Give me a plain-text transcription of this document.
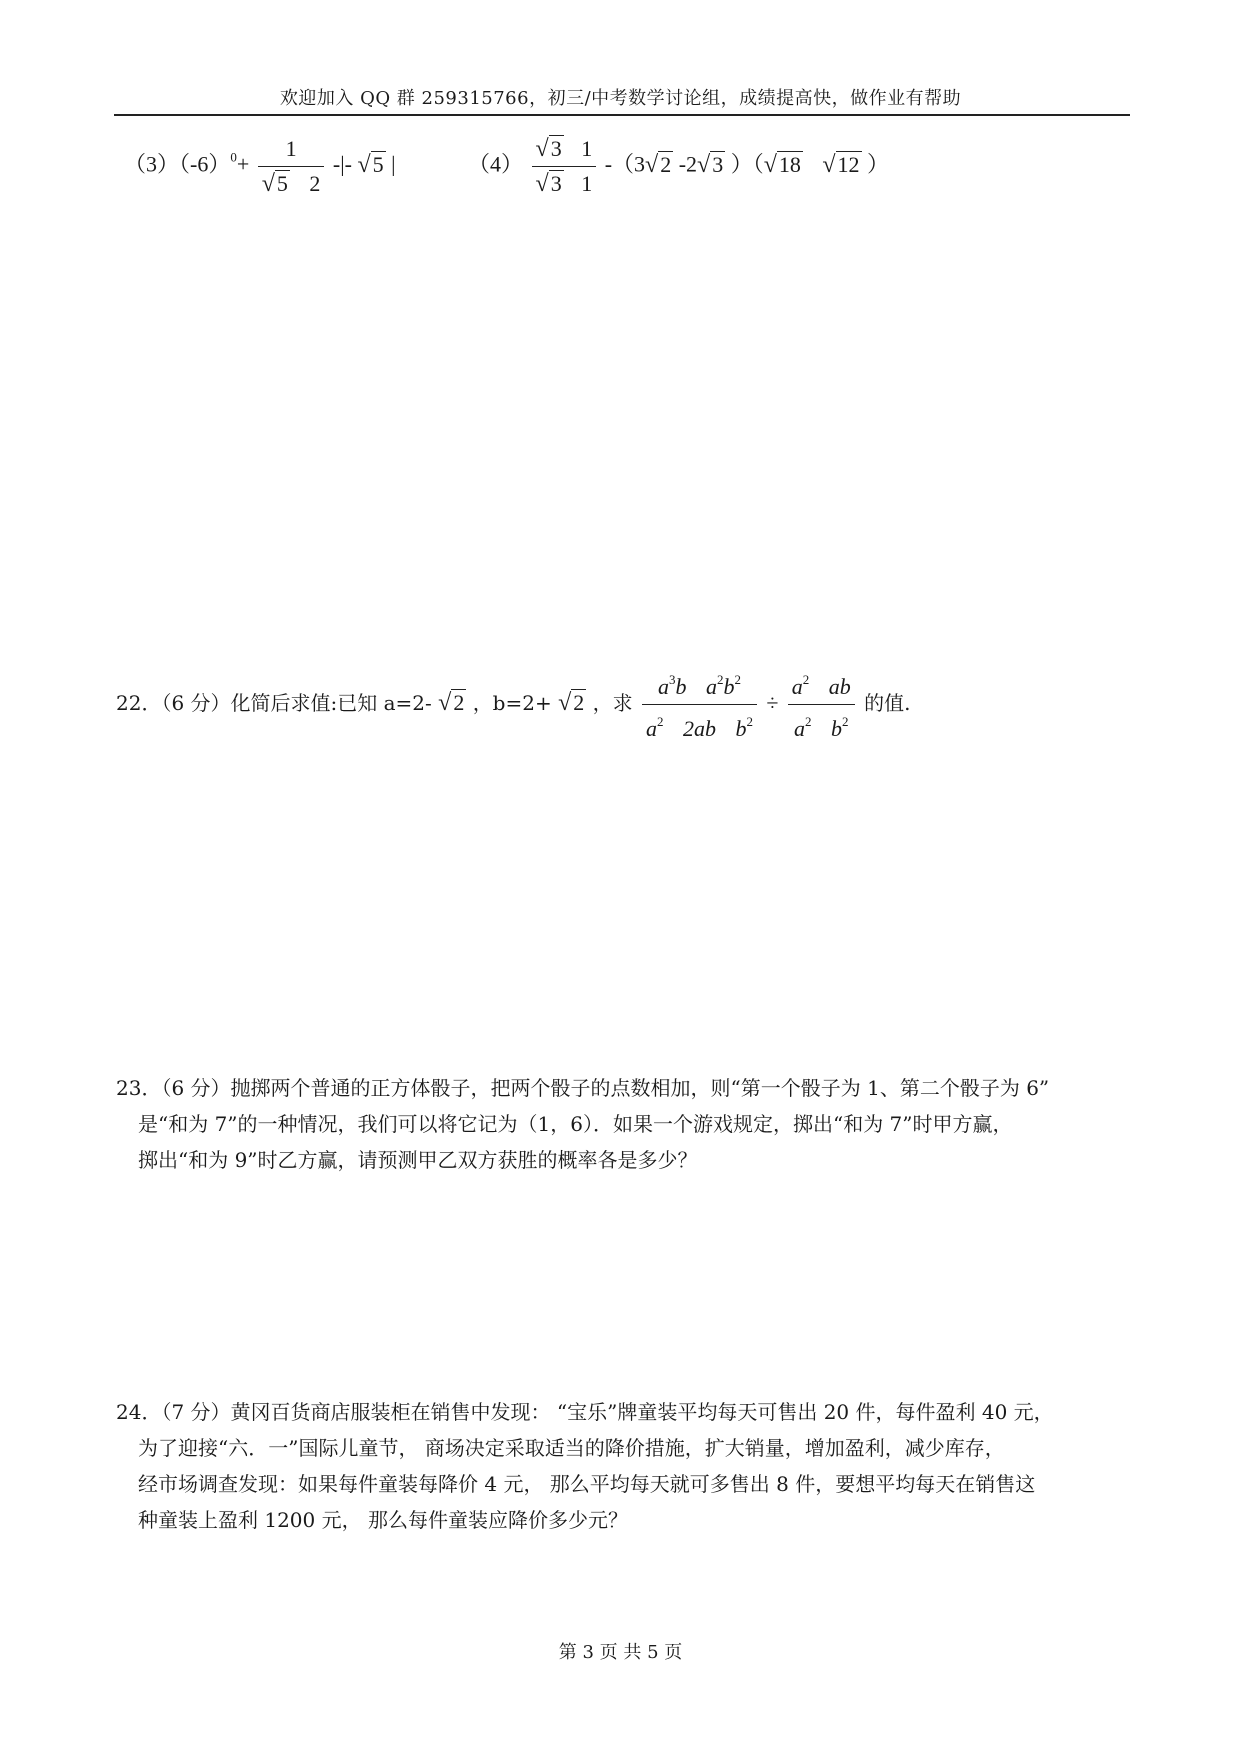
欢迎加入 QQ 群 259315766，初三/中考数学讨论组，成绩提高快，做作业有帮助
$(3)(-6)^0+ \frac{1}{√5 2}$ -|- √5 |	$(4) \frac{√3 1}{√3 1} -(3√2$ -2√3 ）（√18 √12 ）
22．（6 分）化简后求值:已知 a=2- √2 ，b=2+ √2 ，求 $\frac{a^3b a^2b^2}{a^2 2ab b^2} \div \frac{a^2 ab}{a^2 b^2}$ 的值.
23．（6 分）抛掷两个普通的正方体骰子，把两个骰子的点数相加，则“第一个骰子为 1、第二个骰子为 6”
是“和为 7”的一种情况，我们可以将它记为（1，6）．如果一个游戏规定，掷出“和为 7”时甲方赢，
掷出“和为 9”时乙方赢，请预测甲乙双方获胜的概率各是多少？
24．（7 分）黄冈百货商店服装柜在销售中发现： “宝乐”牌童装平均每天可售出 20 件，每件盈利 40 元，
为了迎接“六．一”国际儿童节， 商场决定采取适当的降价措施，扩大销量，增加盈利，减少库存，
经市场调查发现：如果每件童装每降价 4 元， 那么平均每天就可多售出 8 件，要想平均每天在销售这
种童装上盈利 1200 元， 那么每件童装应降价多少元？
第 3 页 共 5 页
